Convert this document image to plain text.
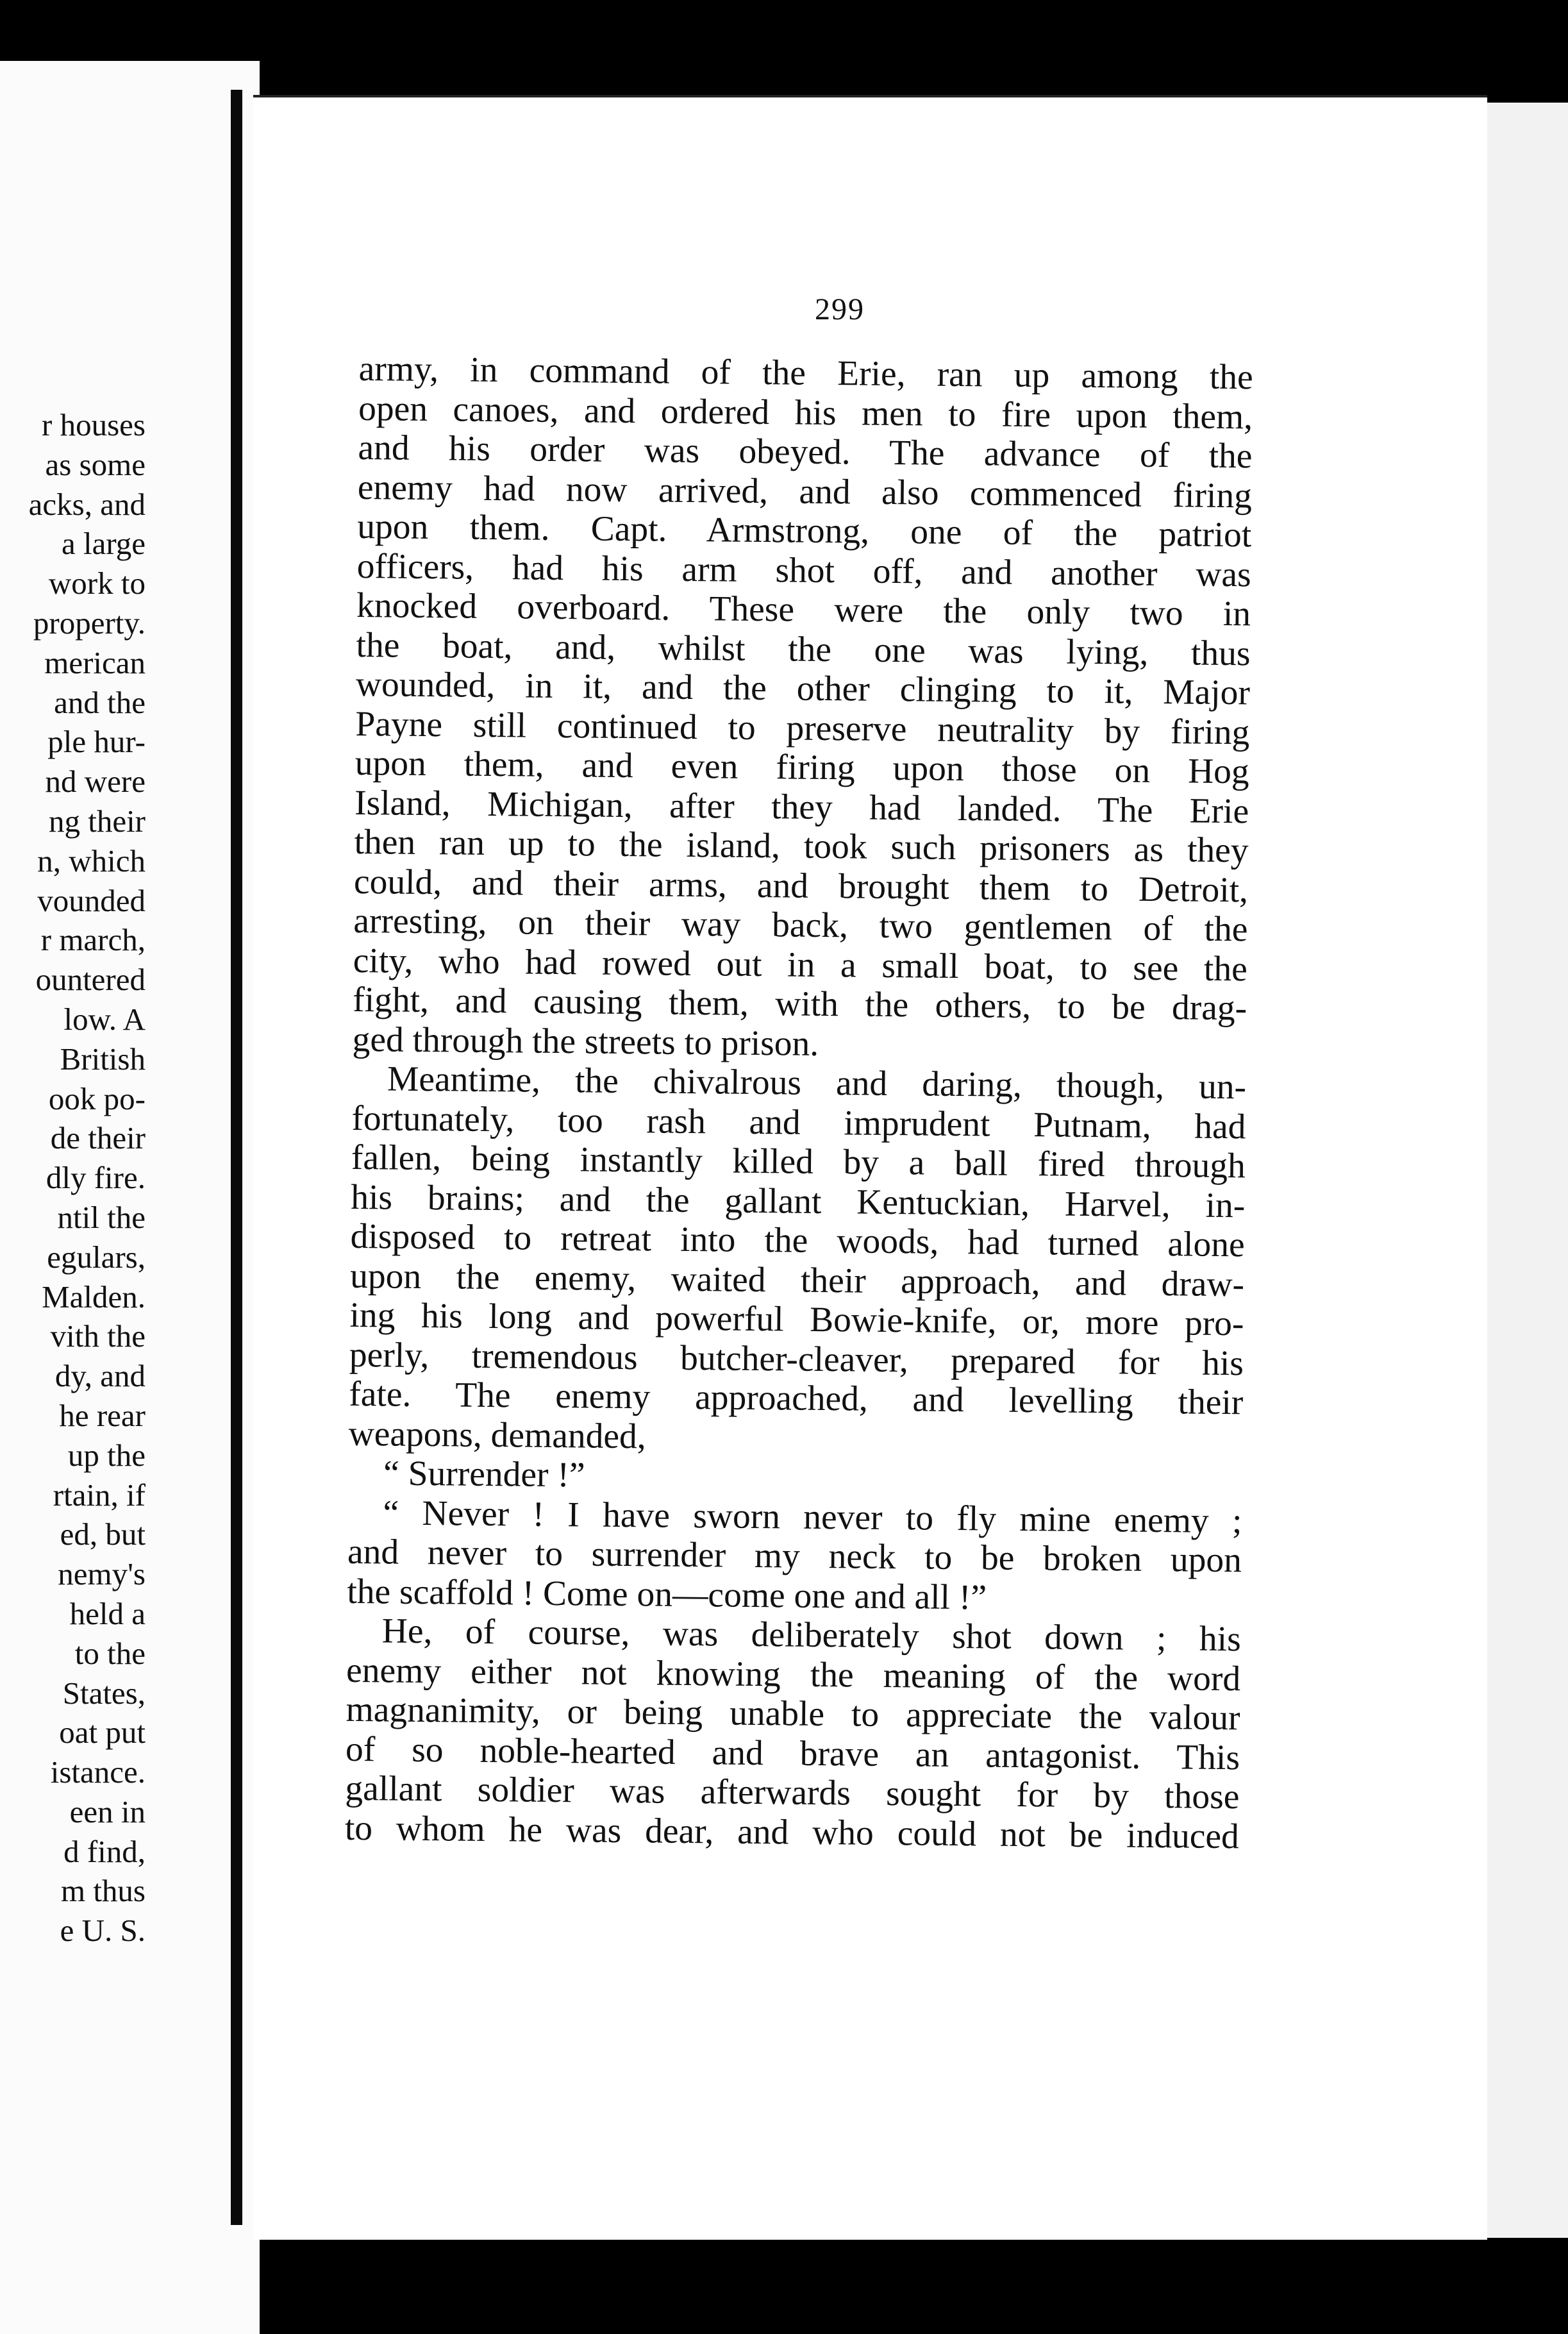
r houses
as some
acks, and
a large
work to
property.
merican
and the
ple hur-
nd were
ng their
n, which
vounded
r march,
ountered
low. A
British
ook po-
de their
dly fire.
ntil the
egulars,
Malden.
vith the
dy, and
he rear
up the
rtain, if
ed, but
nemy's
held a
to the
States,
oat put
istance.
een in
d find,
m thus
e U. S.
299
army, in command of the Erie, ran up among the
open canoes, and ordered his men to fire upon them,
and his order was obeyed. The advance of the
enemy had now arrived, and also commenced firing
upon them. Capt. Armstrong, one of the patriot
officers, had his arm shot off, and another was
knocked overboard. These were the only two in
the boat, and, whilst the one was lying, thus
wounded, in it, and the other clinging to it, Major
Payne still continued to preserve neutrality by firing
upon them, and even firing upon those on Hog
Island, Michigan, after they had landed. The Erie
then ran up to the island, took such prisoners as they
could, and their arms, and brought them to Detroit,
arresting, on their way back, two gentlemen of the
city, who had rowed out in a small boat, to see the
fight, and causing them, with the others, to be drag-
ged through the streets to prison.
Meantime, the chivalrous and daring, though, un-
fortunately, too rash and imprudent Putnam, had
fallen, being instantly killed by a ball fired through
his brains; and the gallant Kentuckian, Harvel, in-
disposed to retreat into the woods, had turned alone
upon the enemy, waited their approach, and draw-
ing his long and powerful Bowie-knife, or, more pro-
perly, tremendous butcher-cleaver, prepared for his
fate. The enemy approached, and levelling their
weapons, demanded,
“ Surrender !”
“ Never ! I have sworn never to fly mine enemy ;
and never to surrender my neck to be broken upon
the scaffold ! Come on—come one and all !”
He, of course, was deliberately shot down ; his
enemy either not knowing the meaning of the word
magnanimity, or being unable to appreciate the valour
of so noble-hearted and brave an antagonist. This
gallant soldier was afterwards sought for by those
to whom he was dear, and who could not be induced
